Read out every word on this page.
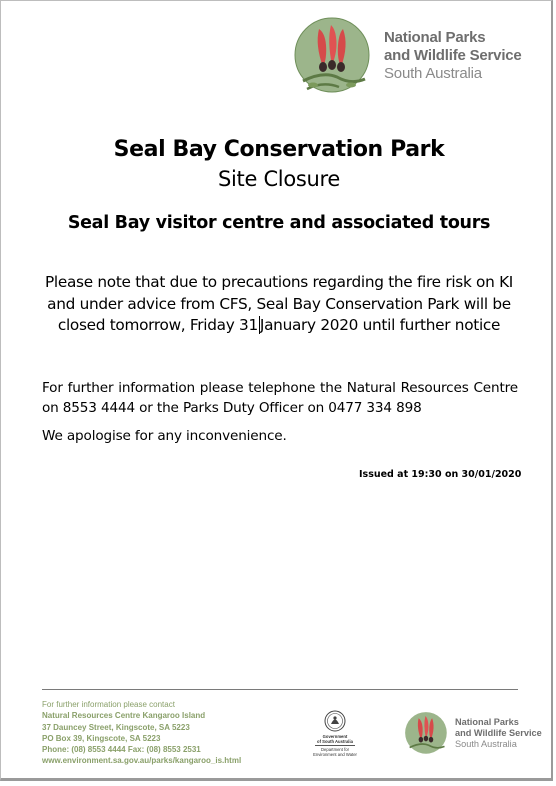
National Parks
and Wildlife Service
South Australia
Seal Bay Conservation Park
Site Closure
Seal Bay visitor centre and associated tours
Please note that due to precautions regarding the fire risk on KI and under advice from CFS, Seal Bay Conservation Park will be closed tomorrow, Friday 31 January 2020 until further notice
For further information please telephone the Natural Resources Centre on 8553 4444 or the Parks Duty Officer on 0477 334 898
We apologise for any inconvenience.
Issued at 19:30 on 30/01/2020
For further information please contact
Natural Resources Centre Kangaroo Island
37 Dauncey Street, Kingscote, SA 5223
PO Box 39, Kingscote, SA 5223
Phone: (08) 8553 4444 Fax: (08) 8553 2531
www.environment.sa.gov.au/parks/kangaroo_is.html
Government
of South Australia
Department for
Environment and Water
National Parks
and Wildlife Service
South Australia
